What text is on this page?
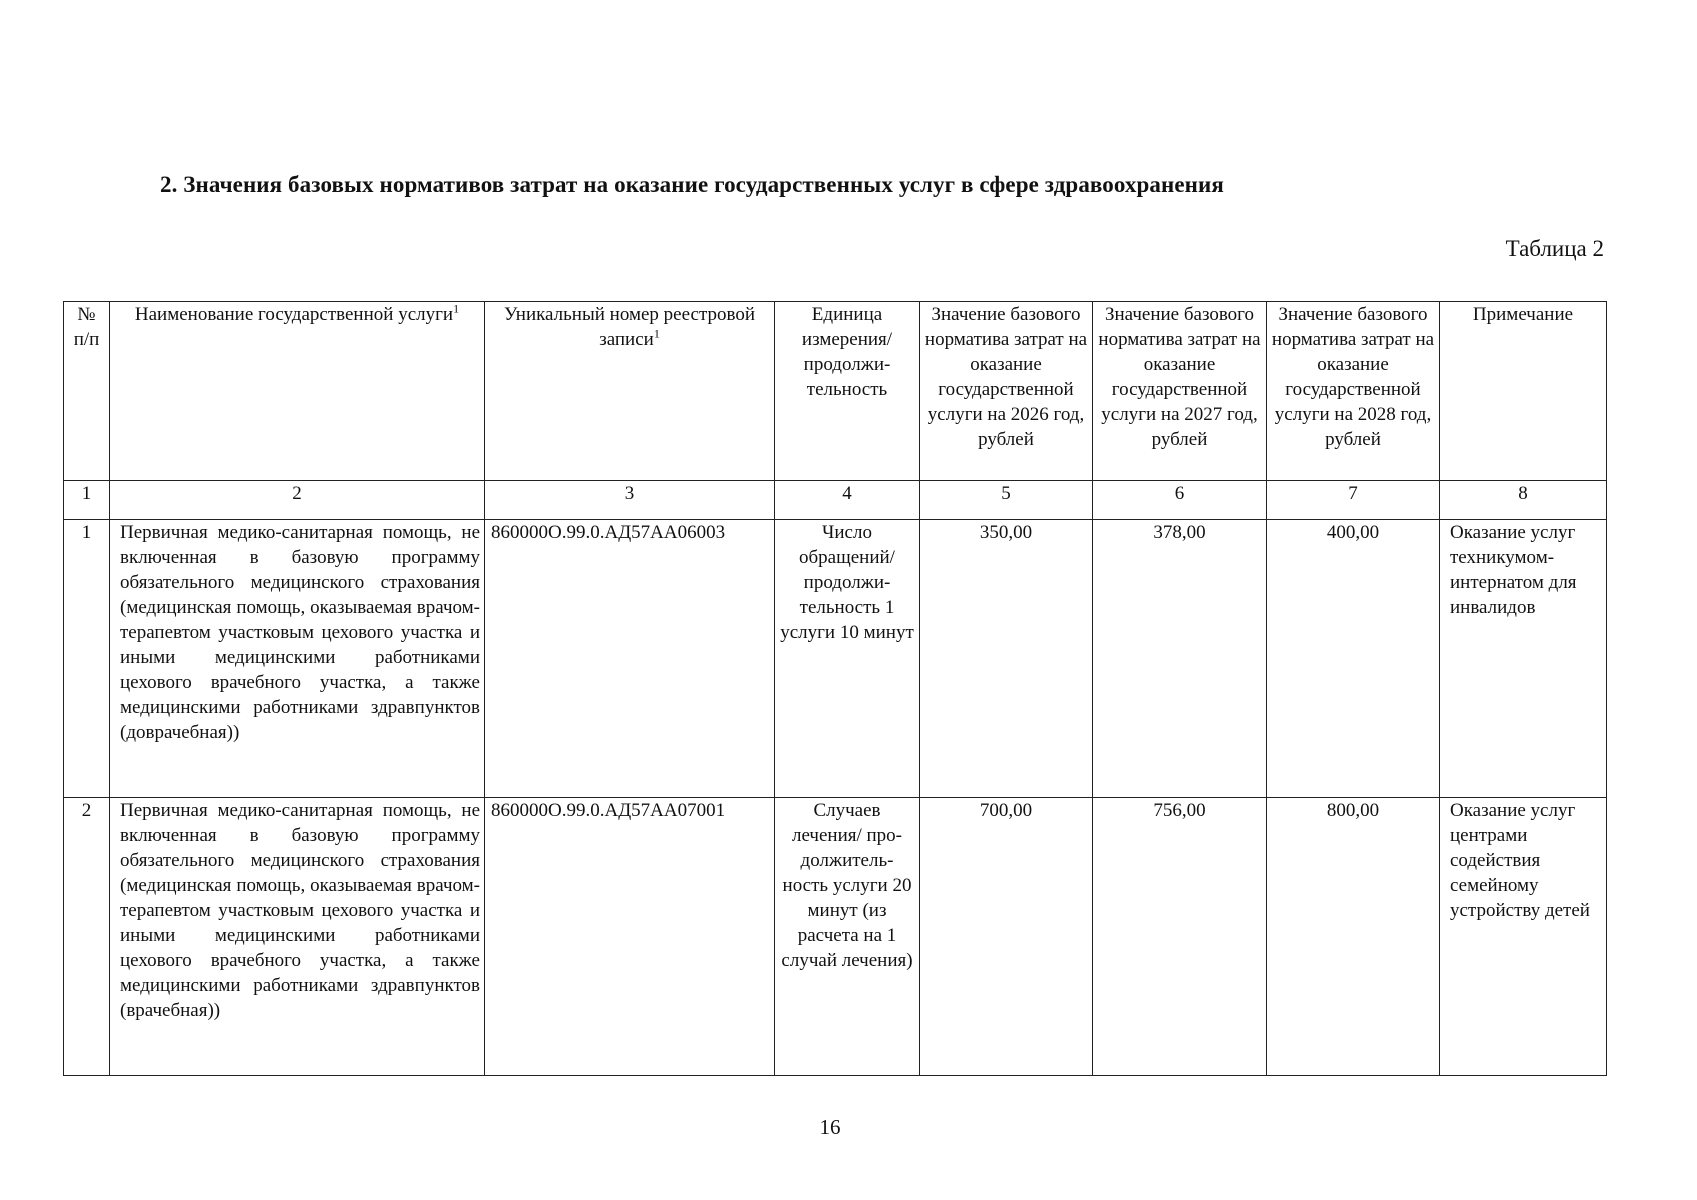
2. Значения базовых нормативов затрат на оказание государственных услуг в сфере здравоохранения
Таблица 2
№ п/п	Наименование государственной услуги$^1$	Уникальный номер реестровой записи$^1$	Единица измерения/ продолжи-тельность	Значение базового норматива затрат на оказание государственной услуги на 2026 год, рублей	Значение базового норматива затрат на оказание государственной услуги на 2027 год, рублей	Значение базового норматива затрат на оказание государственной услуги на 2028 год, рублей	Примечание
1	2	3	4	5	6	7	8
1	Первичная медико-санитарная помощь, не включенная в базовую программу обязательного медицинского страхования (медицинская помощь, оказываемая врачом-терапевтом участковым цехового участка и иными медицинскими работниками цехового врачебного участка, а также медицинскими работниками здравпунктов (доврачебная))	860000О.99.0.АД57АА06003	Число обращений/ продолжи-тельность 1 услуги 10 минут	350,00	378,00	400,00	Оказание услуг техникумом-интернатом для инвалидов
2	Первичная медико-санитарная помощь, не включенная в базовую программу обязательного медицинского страхования (медицинская помощь, оказываемая врачом-терапевтом участковым цехового участка и иными медицинскими работниками цехового врачебного участка, а также медицинскими работниками здравпунктов (врачебная))	860000О.99.0.АД57АА07001	Случаев лечения/ про-должитель-ность услуги 20 минут (из расчета на 1 случай лечения)	700,00	756,00	800,00	Оказание услуг центрами содействия семейному устройству детей
16
